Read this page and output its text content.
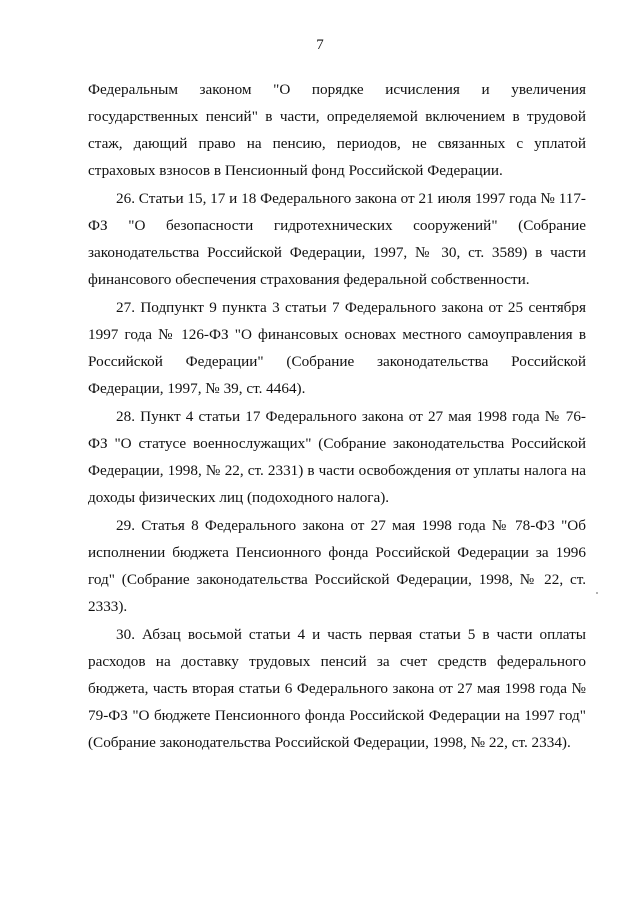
7

Федеральным законом "О порядке исчисления и увеличения государственных пенсий" в части, определяемой включением в трудовой стаж, дающий право на пенсию, периодов, не связанных с уплатой страховых взносов в Пенсионный фонд Российской Федерации.

26. Статьи 15, 17 и 18 Федерального закона от 21 июля 1997 года № 117-ФЗ "О безопасности гидротехнических сооружений" (Собрание законодательства Российской Федерации, 1997, № 30, ст. 3589) в части финансового обеспечения страхования федеральной собственности.

27. Подпункт 9 пункта 3 статьи 7 Федерального закона от 25 сентября 1997 года № 126-ФЗ "О финансовых основах местного самоуправления в Российской Федерации" (Собрание законодательства Российской Федерации, 1997, № 39, ст. 4464).

28. Пункт 4 статьи 17 Федерального закона от 27 мая 1998 года № 76-ФЗ "О статусе военнослужащих" (Собрание законодательства Российской Федерации, 1998, № 22, ст. 2331) в части освобождения от уплаты налога на доходы физических лиц (подоходного налога).

29. Статья 8 Федерального закона от 27 мая 1998 года № 78-ФЗ "Об исполнении бюджета Пенсионного фонда Российской Федерации за 1996 год" (Собрание законодательства Российской Федерации, 1998, № 22, ст. 2333).

30. Абзац восьмой статьи 4 и часть первая статьи 5 в части оплаты расходов на доставку трудовых пенсий за счет средств федерального бюджета, часть вторая статьи 6 Федерального закона от 27 мая 1998 года № 79-ФЗ "О бюджете Пенсионного фонда Российской Федерации на 1997 год" (Собрание законодательства Российской Федерации, 1998, № 22, ст. 2334).
